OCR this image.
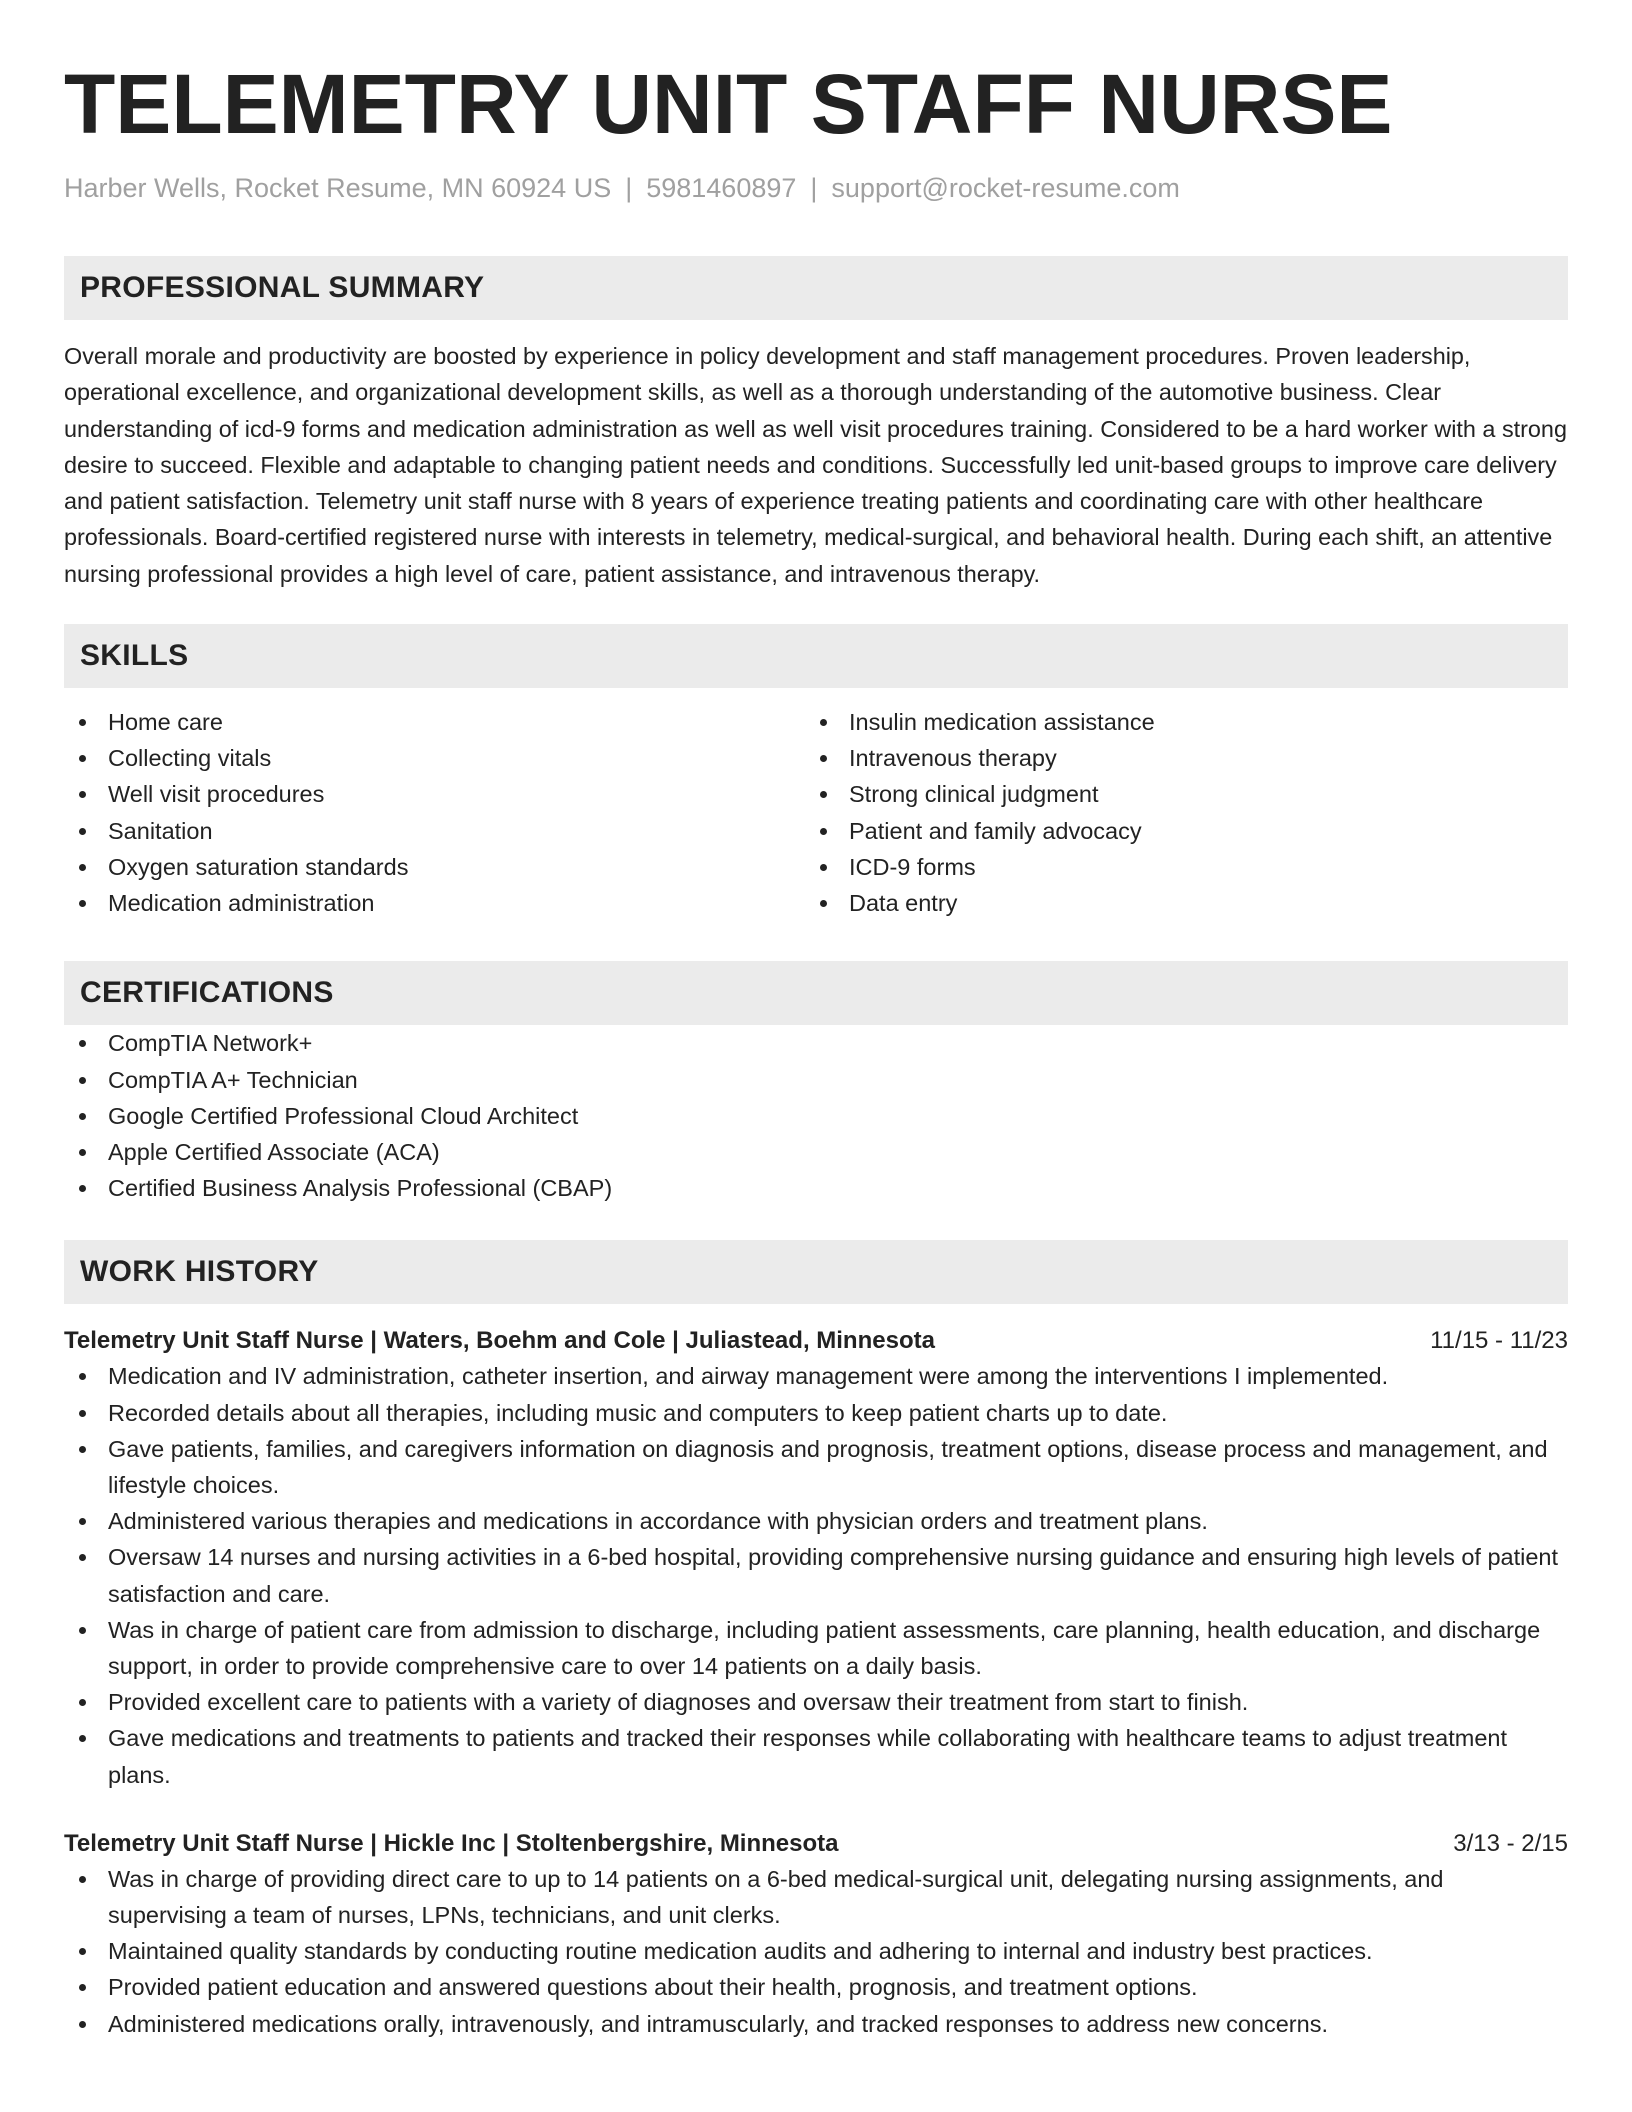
TELEMETRY UNIT STAFF NURSE
Harber Wells, Rocket Resume, MN 60924 US | 5981460897 | support@rocket-resume.com
PROFESSIONAL SUMMARY

Overall morale and productivity are boosted by experience in policy development and staff management procedures. Proven leadership, operational excellence, and organizational development skills, as well as a thorough understanding of the automotive business. Clear understanding of icd-9 forms and medication administration as well as well visit procedures training. Considered to be a hard worker with a strong desire to succeed. Flexible and adaptable to changing patient needs and conditions. Successfully led unit-based groups to improve care delivery and patient satisfaction. Telemetry unit staff nurse with 8 years of experience treating patients and coordinating care with other healthcare professionals. Board-certified registered nurse with interests in telemetry, medical-surgical, and behavioral health. During each shift, an attentive nursing professional provides a high level of care, patient assistance, and intravenous therapy.

SKILLS
Home care
Collecting vitals
Well visit procedures
Sanitation
Oxygen saturation standards
Medication administration
Insulin medication assistance
Intravenous therapy
Strong clinical judgment
Patient and family advocacy
ICD-9 forms
Data entry
CERTIFICATIONS
CompTIA Network+
CompTIA A+ Technician
Google Certified Professional Cloud Architect
Apple Certified Associate (ACA)
Certified Business Analysis Professional (CBAP)
WORK HISTORY
Telemetry Unit Staff Nurse | Waters, Boehm and Cole | Juliastead, Minnesota	11/15 - 11/23
Medication and IV administration, catheter insertion, and airway management were among the interventions I implemented.
Recorded details about all therapies, including music and computers to keep patient charts up to date.
Gave patients, families, and caregivers information on diagnosis and prognosis, treatment options, disease process and management, and lifestyle choices.
Administered various therapies and medications in accordance with physician orders and treatment plans.
Oversaw 14 nurses and nursing activities in a 6-bed hospital, providing comprehensive nursing guidance and ensuring high levels of patient satisfaction and care.
Was in charge of patient care from admission to discharge, including patient assessments, care planning, health education, and discharge support, in order to provide comprehensive care to over 14 patients on a daily basis.
Provided excellent care to patients with a variety of diagnoses and oversaw their treatment from start to finish.
Gave medications and treatments to patients and tracked their responses while collaborating with healthcare teams to adjust treatment plans.
Telemetry Unit Staff Nurse | Hickle Inc | Stoltenbergshire, Minnesota	3/13 - 2/15
Was in charge of providing direct care to up to 14 patients on a 6-bed medical-surgical unit, delegating nursing assignments, and supervising a team of nurses, LPNs, technicians, and unit clerks.
Maintained quality standards by conducting routine medication audits and adhering to internal and industry best practices.
Provided patient education and answered questions about their health, prognosis, and treatment options.
Administered medications orally, intravenously, and intramuscularly, and tracked responses to address new concerns.
